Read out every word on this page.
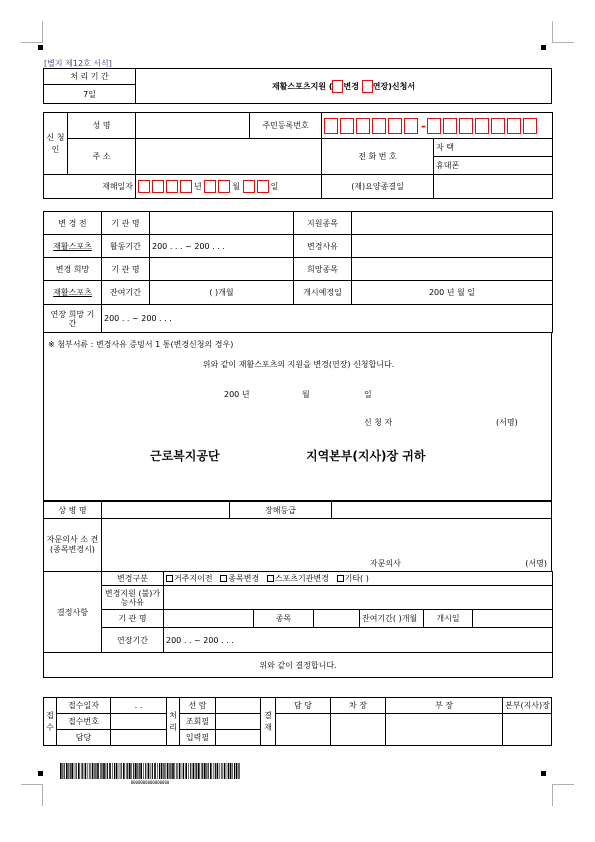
[별지 제12호 서식]
처 리 기 간	재활스포츠지원 ( 변경 연장)신청서
7일
신 청 인	성 명		주민등록번호	-	
	주 소			전 화 번 호	자 택
					휴대폰
재해일자		년 월 일		(재)요양종결일	
변 경 전	기 관 명		지원종목	
재활스포츠	활동기간	200 . . . ~ 200 . . .	변경사유	
변경 희망	기 관 명		희망종목	
재활스포츠	잔여기간	( )개월	개시예정일	200 년 월 일
연장 희망 기 간	200 . . ~ 200 . . .			
※ 첨부서류 : 변경사유 증빙서 1 통(변경신청의 경우)
위와 같이 재활스포츠의 지원을 변경(연장) 신청합니다.
200 년	월	일
신 청 자	(서명)
근로복지공단	지역본부(지사)장 귀하
상 병 명		장해등급	
자문의사 소 견 (종목변경시)	자문의사 (서명)		
결정사항	변경구분	거주지이전 종목변경 스포츠기관변경 기타( )					
	변경지원 (불)가능사유						
	기 관 명		종목		잔여기간( )개월	개시일	
	연장기간	200 . . ~ 200 . . .					
위와 같이 결정합니다.							
접 수	접수일자	. .	처 리	선 람		결 재	담 당	차 장	부 장	본부(지사)장
	접수번호			조회필						
	담당			입력필						
0000000000000000
